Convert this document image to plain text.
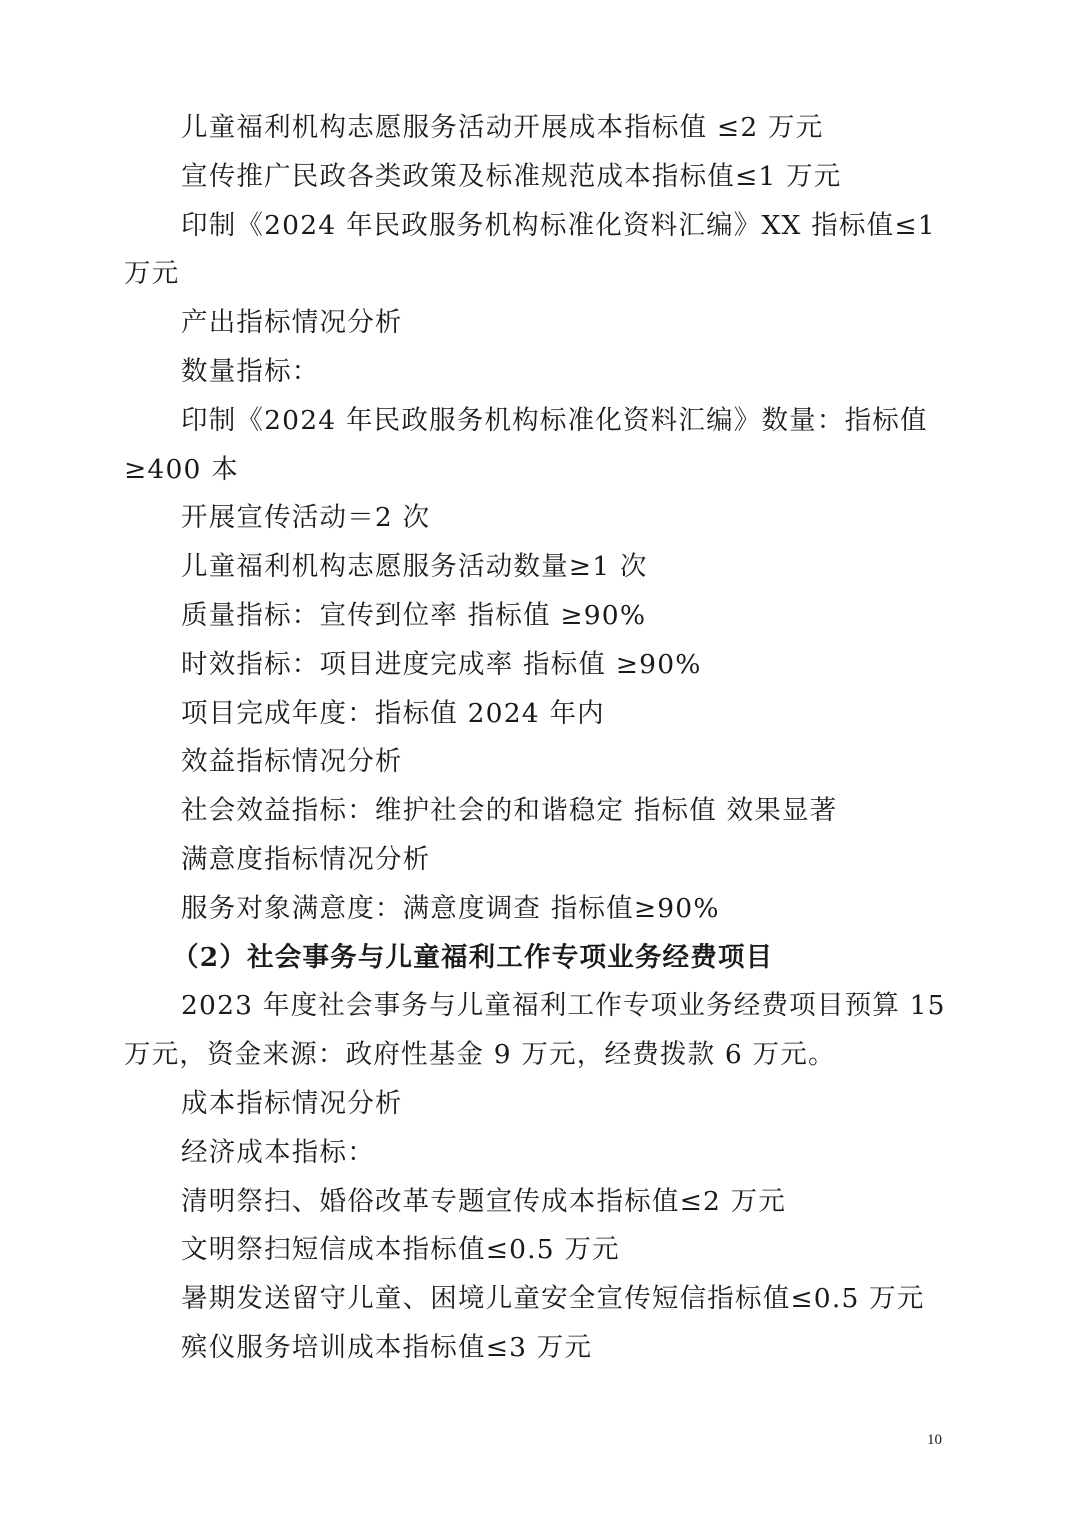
儿童福利机构志愿服务活动开展成本指标值 ≤2 万元
宣传推广民政各类政策及标准规范成本指标值≤1 万元
印制《2024 年民政服务机构标准化资料汇编》XX 指标值≤1
万元
产出指标情况分析
数量指标：
印制《2024 年民政服务机构标准化资料汇编》数量：指标值
≥400 本
开展宣传活动＝2 次
儿童福利机构志愿服务活动数量≥1 次
质量指标：宣传到位率 指标值 ≥90%
时效指标：项目进度完成率 指标值 ≥90%
项目完成年度：指标值 2024 年内
效益指标情况分析
社会效益指标：维护社会的和谐稳定 指标值 效果显著
满意度指标情况分析
服务对象满意度：满意度调查 指标值≥90%
（2）社会事务与儿童福利工作专项业务经费项目
2023 年度社会事务与儿童福利工作专项业务经费项目预算 15
万元，资金来源：政府性基金 9 万元，经费拨款 6 万元。
成本指标情况分析
经济成本指标：
清明祭扫、婚俗改革专题宣传成本指标值≤2 万元
文明祭扫短信成本指标值≤0.5 万元
暑期发送留守儿童、困境儿童安全宣传短信指标值≤0.5 万元
殡仪服务培训成本指标值≤3 万元
10
